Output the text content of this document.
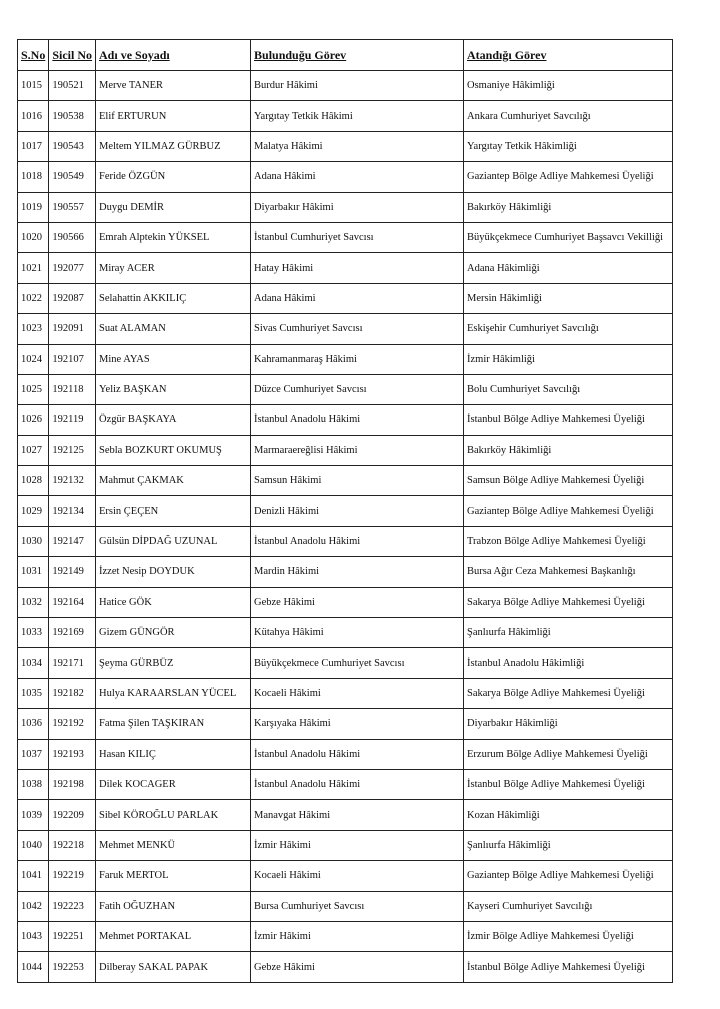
S.No	Sicil No	Adı ve Soyadı	Bulunduğu Görev	Atandığı Görev
1015	190521	Merve TANER	Burdur Hâkimi	Osmaniye Hâkimliği
1016	190538	Elif ERTURUN	Yargıtay Tetkik Hâkimi	Ankara Cumhuriyet Savcılığı
1017	190543	Meltem YILMAZ GÜRBUZ	Malatya Hâkimi	Yargıtay Tetkik Hâkimliği
1018	190549	Feride ÖZGÜN	Adana Hâkimi	Gaziantep Bölge Adliye Mahkemesi Üyeliği
1019	190557	Duygu DEMİR	Diyarbakır Hâkimi	Bakırköy Hâkimliği
1020	190566	Emrah Alptekin YÜKSEL	İstanbul Cumhuriyet Savcısı	Büyükçekmece Cumhuriyet Başsavcı Vekilliği
1021	192077	Miray ACER	Hatay Hâkimi	Adana Hâkimliği
1022	192087	Selahattin AKKILIÇ	Adana Hâkimi	Mersin Hâkimliği
1023	192091	Suat ALAMAN	Sivas Cumhuriyet Savcısı	Eskişehir Cumhuriyet Savcılığı
1024	192107	Mine AYAS	Kahramanmaraş Hâkimi	İzmir Hâkimliği
1025	192118	Yeliz BAŞKAN	Düzce Cumhuriyet Savcısı	Bolu Cumhuriyet Savcılığı
1026	192119	Özgür BAŞKAYA	İstanbul Anadolu Hâkimi	İstanbul Bölge Adliye Mahkemesi Üyeliği
1027	192125	Sebla BOZKURT OKUMUŞ	Marmaraereğlisi Hâkimi	Bakırköy Hâkimliği
1028	192132	Mahmut ÇAKMAK	Samsun Hâkimi	Samsun Bölge Adliye Mahkemesi Üyeliği
1029	192134	Ersin ÇEÇEN	Denizli Hâkimi	Gaziantep Bölge Adliye Mahkemesi Üyeliği
1030	192147	Gülsün DİPDAĞ UZUNAL	İstanbul Anadolu Hâkimi	Trabzon Bölge Adliye Mahkemesi Üyeliği
1031	192149	İzzet Nesip DOYDUK	Mardin Hâkimi	Bursa Ağır Ceza Mahkemesi Başkanlığı
1032	192164	Hatice GÖK	Gebze Hâkimi	Sakarya Bölge Adliye Mahkemesi Üyeliği
1033	192169	Gizem GÜNGÖR	Kütahya Hâkimi	Şanlıurfa Hâkimliği
1034	192171	Şeyma GÜRBÜZ	Büyükçekmece Cumhuriyet Savcısı	İstanbul Anadolu Hâkimliği
1035	192182	Hulya KARAARSLAN YÜCEL	Kocaeli Hâkimi	Sakarya Bölge Adliye Mahkemesi Üyeliği
1036	192192	Fatma Şilen TAŞKIRAN	Karşıyaka Hâkimi	Diyarbakır Hâkimliği
1037	192193	Hasan KILIÇ	İstanbul Anadolu Hâkimi	Erzurum Bölge Adliye Mahkemesi Üyeliği
1038	192198	Dilek KOCAGER	İstanbul Anadolu Hâkimi	İstanbul Bölge Adliye Mahkemesi Üyeliği
1039	192209	Sibel KÖROĞLU PARLAK	Manavgat Hâkimi	Kozan Hâkimliği
1040	192218	Mehmet MENKÜ	İzmir Hâkimi	Şanlıurfa Hâkimliği
1041	192219	Faruk MERTOL	Kocaeli Hâkimi	Gaziantep Bölge Adliye Mahkemesi Üyeliği
1042	192223	Fatih OĞUZHAN	Bursa Cumhuriyet Savcısı	Kayseri Cumhuriyet Savcılığı
1043	192251	Mehmet PORTAKAL	İzmir Hâkimi	İzmir Bölge Adliye Mahkemesi Üyeliği
1044	192253	Dilberay SAKAL PAPAK	Gebze Hâkimi	İstanbul Bölge Adliye Mahkemesi Üyeliği
